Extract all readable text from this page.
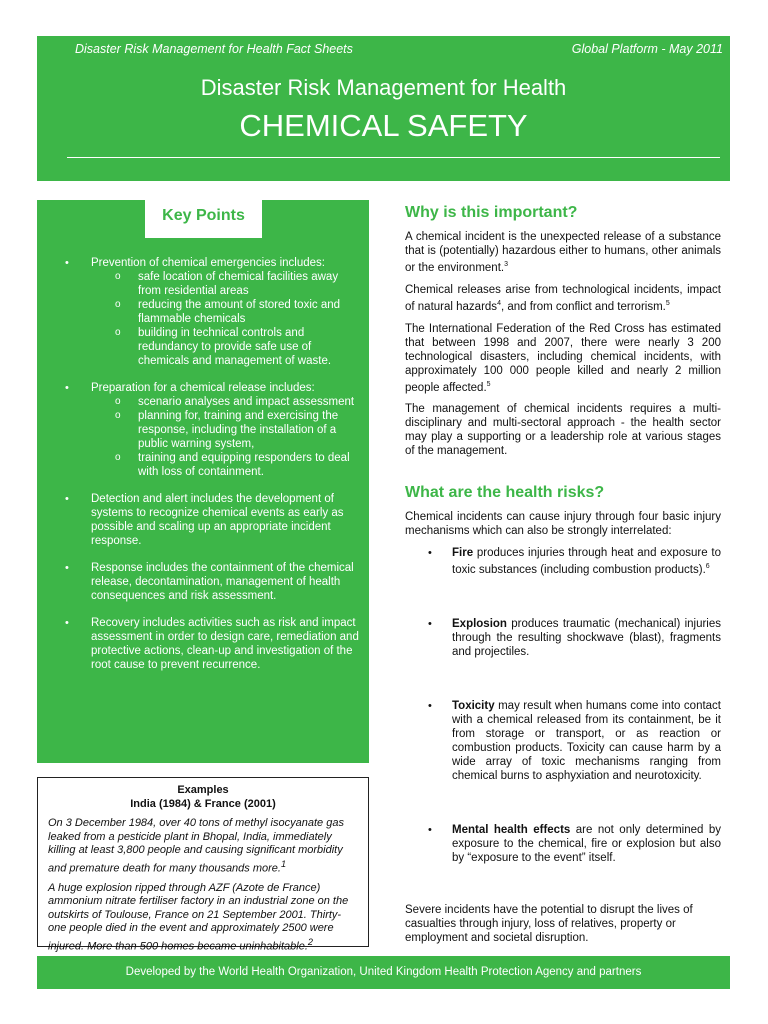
Disaster Risk Management for Health Fact Sheets	Global Platform - May 2011
Disaster Risk Management for Health
CHEMICAL SAFETY
Key Points
• Prevention of chemical emergencies includes:
o safe location of chemical facilities away from residential areas
o reducing the amount of stored toxic and flammable chemicals
o building in technical controls and redundancy to provide safe use of chemicals and management of waste.
• Preparation for a chemical release includes:
o scenario analyses and impact assessment
o planning for, training and exercising the response, including the installation of a public warning system,
o training and equipping responders to deal with loss of containment.
• Detection and alert includes the development of systems to recognize chemical events as early as possible and scaling up an appropriate incident response.
• Response includes the containment of the chemical release, decontamination, management of health consequences and risk assessment.
• Recovery includes activities such as risk and impact assessment in order to design care, remediation and protective actions, clean-up and investigation of the root cause to prevent recurrence.
Examples
India (1984) & France (2001)

On 3 December 1984, over 40 tons of methyl isocyanate gas leaked from a pesticide plant in Bhopal, India, immediately killing at least 3,800 people and causing significant morbidity and premature death for many thousands more.$^1$

A huge explosion ripped through AZF (Azote de France) ammonium nitrate fertiliser factory in an industrial zone on the outskirts of Toulouse, France on 21 September 2001. Thirty-one people died in the event and approximately 2500 were injured. More than 500 homes became uninhabitable.$^2$

Why is this important?

A chemical incident is the unexpected release of a substance that is (potentially) hazardous either to humans, other animals or the environment.$^3$

Chemical releases arise from technological incidents, impact of natural hazards$^4$, and from conflict and terrorism.$^5$

The International Federation of the Red Cross has estimated that between 1998 and 2007, there were nearly 3 200 technological disasters, including chemical incidents, with approximately 100 000 people killed and nearly 2 million people affected.$^5$

The management of chemical incidents requires a multi-disciplinary and multi-sectoral approach - the health sector may play a supporting or a leadership role at various stages of the management.

What are the health risks?

Chemical incidents can cause injury through four basic injury mechanisms which can also be strongly interrelated:

• Fire produces injuries through heat and exposure to toxic substances (including combustion products).$^6$
• Explosion produces traumatic (mechanical) injuries through the resulting shockwave (blast), fragments and projectiles.
• Toxicity may result when humans come into contact with a chemical released from its containment, be it from storage or transport, or as reaction or combustion products. Toxicity can cause harm by a wide array of toxic mechanisms ranging from chemical burns to asphyxiation and neurotoxicity.
• Mental health effects are not only determined by exposure to the chemical, fire or explosion but also by “exposure to the event” itself.

Severe incidents have the potential to disrupt the lives of casualties through injury, loss of relatives, property or employment and societal disruption.

Developed by the World Health Organization, United Kingdom Health Protection Agency and partners
